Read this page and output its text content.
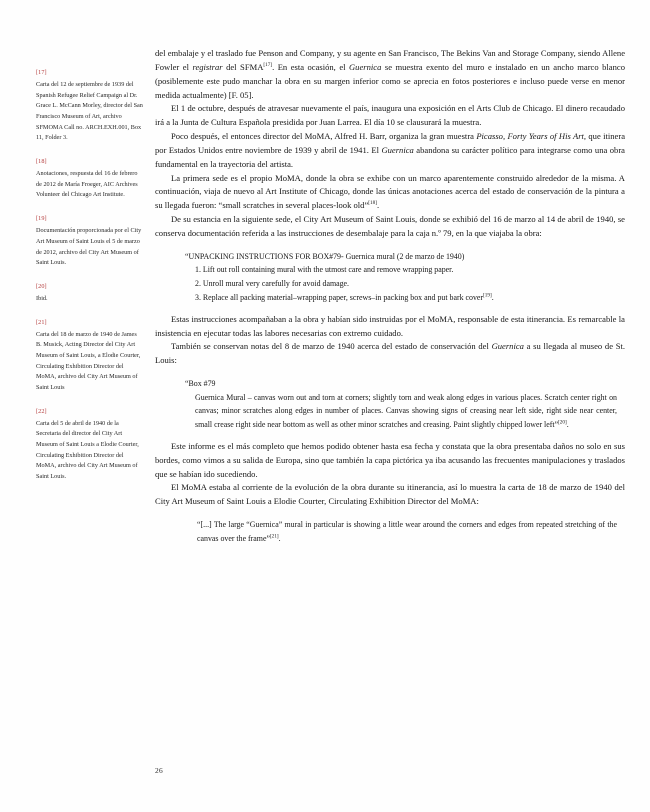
[17]
Carta del 12 de septiembre de 1939 del Spanish Refugee Relief Campaign al Dr. Grace L. McCann Morley, director del San Francisco Museum of Art, archivo SFMOMA Call no. ARCH.EXH.001, Box 11, Folder 3.
[18]
Anotaciones, respuesta del 16 de febrero de 2012 de María Froeger, AIC Archives Volunteer del Chicago Art Institute.
[19]
Documentación proporcionada por el City Art Museum of Saint Louis el 5 de marzo de 2012, archivo del City Art Museum of Saint Louis.
[20]
Ibid.
[21]
Carta del 18 de marzo de 1940 de James B. Musick, Acting Director del City Art Museum of Saint Louis, a Elodie Courter, Circulating Exhibition Director del MoMA, archivo del City Art Museum of Saint Louis
[22]
Carta del 5 de abril de 1940 de la Secretaria del director del City Art Museum of Saint Louis a Elodie Courter, Circulating Exhibition Director del MoMA, archivo del City Art Museum of Saint Louis.

del embalaje y el traslado fue Penson and Company, y su agente en San Francisco, The Bekins Van and Storage Company, siendo Allene Fowler el registrar del SFMA[17]. En esta ocasión, el Guernica se muestra exento del muro e instalado en un ancho marco blanco (posiblemente este pudo manchar la obra en su margen inferior como se aprecia en fotos posteriores e incluso puede verse en menor medida actualmente) [F. 05].

El 1 de octubre, después de atravesar nuevamente el país, inaugura una exposición en el Arts Club de Chicago. El dinero recaudado irá a la Junta de Cultura Española presidida por Juan Larrea. El día 10 se clausurará la muestra.

Poco después, el entonces director del MoMA, Alfred H. Barr, organiza la gran muestra Picasso, Forty Years of His Art, que itinera por Estados Unidos entre noviembre de 1939 y abril de 1941. El Guernica abandona su carácter político para integrarse como una obra fundamental en la trayectoria del artista.

La primera sede es el propio MoMA, donde la obra se exhibe con un marco aparentemente construido alrededor de la misma. A continuación, viaja de nuevo al Art Institute of Chicago, donde las únicas anotaciones acerca del estado de conservación de la pintura a su llegada fueron: “small scratches in several places-look old”[18].

De su estancia en la siguiente sede, el City Art Museum of Saint Louis, donde se exhibió del 16 de marzo al 14 de abril de 1940, se conserva documentación referida a las instrucciones de desembalaje para la caja n.º 79, en la que viajaba la obra:

“UNPACKING INSTRUCTIONS FOR BOX#79- Guernica mural (2 de marzo de 1940)

1. Lift out roll containing mural with the utmost care and remove wrapping paper.

2. Unroll mural very carefully for avoid damage.

3. Replace all packing material–wrapping paper, screws–in packing box and put bark cover[19].

Estas instrucciones acompañaban a la obra y habían sido instruidas por el MoMA, responsable de esta itinerancia. Es remarcable la insistencia en ejecutar todas las labores necesarias con extremo cuidado.

También se conservan notas del 8 de marzo de 1940 acerca del estado de conservación del Guernica a su llegada al museo de St. Louis:

“Box #79

Guernica Mural – canvas worn out and torn at corners; slightly torn and weak along edges in various places. Scratch center right on canvas; minor scratches along edges in number of places. Canvas showing signs of creasing near left side, right side near center, small crease right side near bottom as well as other minor scratches and creasing. Paint slightly chipped lower left”[20].

Este informe es el más completo que hemos podido obtener hasta esa fecha y constata que la obra presentaba daños no solo en sus bordes, como vimos a su salida de Europa, sino que también la capa pictórica ya iba acusando las frecuentes manipulaciones y traslados que se habían ido sucediendo.

El MoMA estaba al corriente de la evolución de la obra durante su itinerancia, así lo muestra la carta de 18 de marzo de 1940 del City Art Museum of Saint Louis a Elodie Courter, Circulating Exhibition Director del MoMA:

“[...] The large “Guernica” mural in particular is showing a little wear around the corners and edges from repeated stretching of the canvas over the frame”[21].

26
